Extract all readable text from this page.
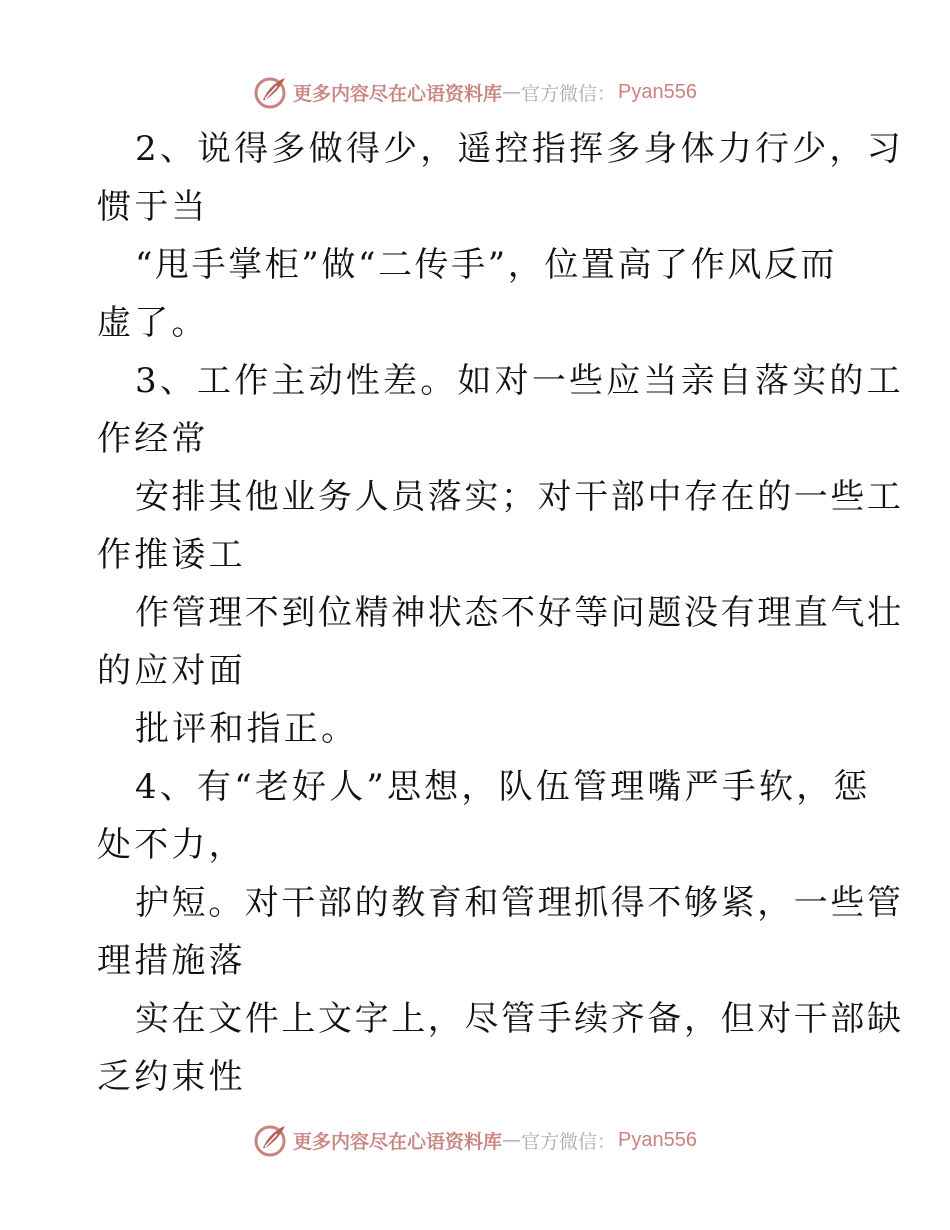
更多内容尽在心语资料库 — 官方微信： Pyan556
2、说得多做得少，遥控指挥多身体力行少，习
惯于当
“甩手掌柜”做“二传手”，位置高了作风反而
虚了。
3、工作主动性差。如对一些应当亲自落实的工
作经常
安排其他业务人员落实；对干部中存在的一些工
作推诿工
作管理不到位精神状态不好等问题没有理直气壮
的应对面
批评和指正。
4、有“老好人”思想，队伍管理嘴严手软，惩
处不力，
护短。对干部的教育和管理抓得不够紧，一些管
理措施落
实在文件上文字上，尽管手续齐备，但对干部缺
乏约束性
更多内容尽在心语资料库 — 官方微信： Pyan556
